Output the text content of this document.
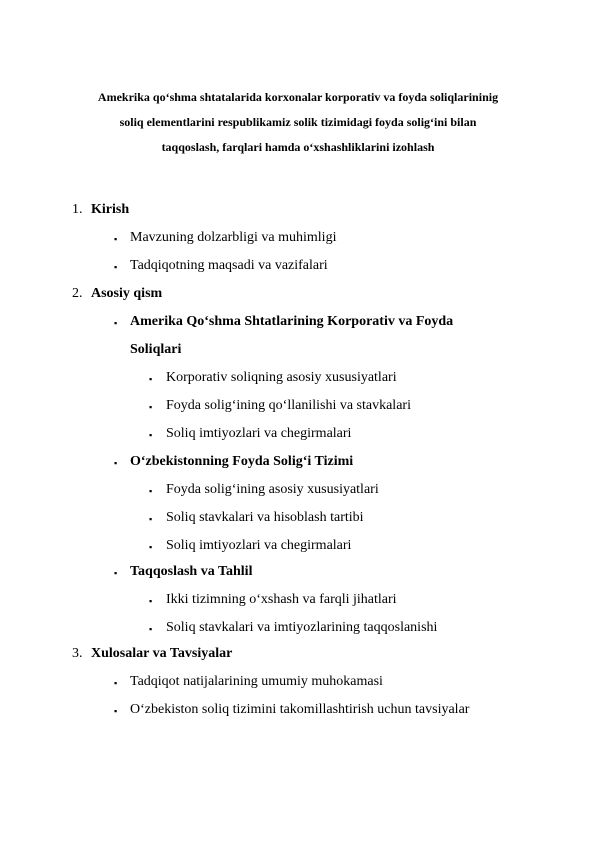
Amekrika qo‘shma shtatalarida korxonalar korporativ va foyda soliqlarininig
soliq elementlarini respublikamiz solik tizimidagi foyda solig‘ini bilan
taqqoslash, farqlari hamda o‘xshashliklarini izohlash
1. Kirish
▪ Mavzuning dolzarbligi va muhimligi
▪ Tadqiqotning maqsadi va vazifalari
2. Asosiy qism
▪ Amerika Qo‘shma Shtatlarining Korporativ va Foyda
Soliqlari
▪ Korporativ soliqning asosiy xususiyatlari
▪ Foyda solig‘ining qo‘llanilishi va stavkalari
▪ Soliq imtiyozlari va chegirmalari
▪ O‘zbekistonning Foyda Solig‘i Tizimi
▪ Foyda solig‘ining asosiy xususiyatlari
▪ Soliq stavkalari va hisoblash tartibi
▪ Soliq imtiyozlari va chegirmalari
▪ Taqqoslash va Tahlil
▪ Ikki tizimning o‘xshash va farqli jihatlari
▪ Soliq stavkalari va imtiyozlarining taqqoslanishi
3. Xulosalar va Tavsiyalar
▪ Tadqiqot natijalarining umumiy muhokamasi
▪ O‘zbekiston soliq tizimini takomillashtirish uchun tavsiyalar
